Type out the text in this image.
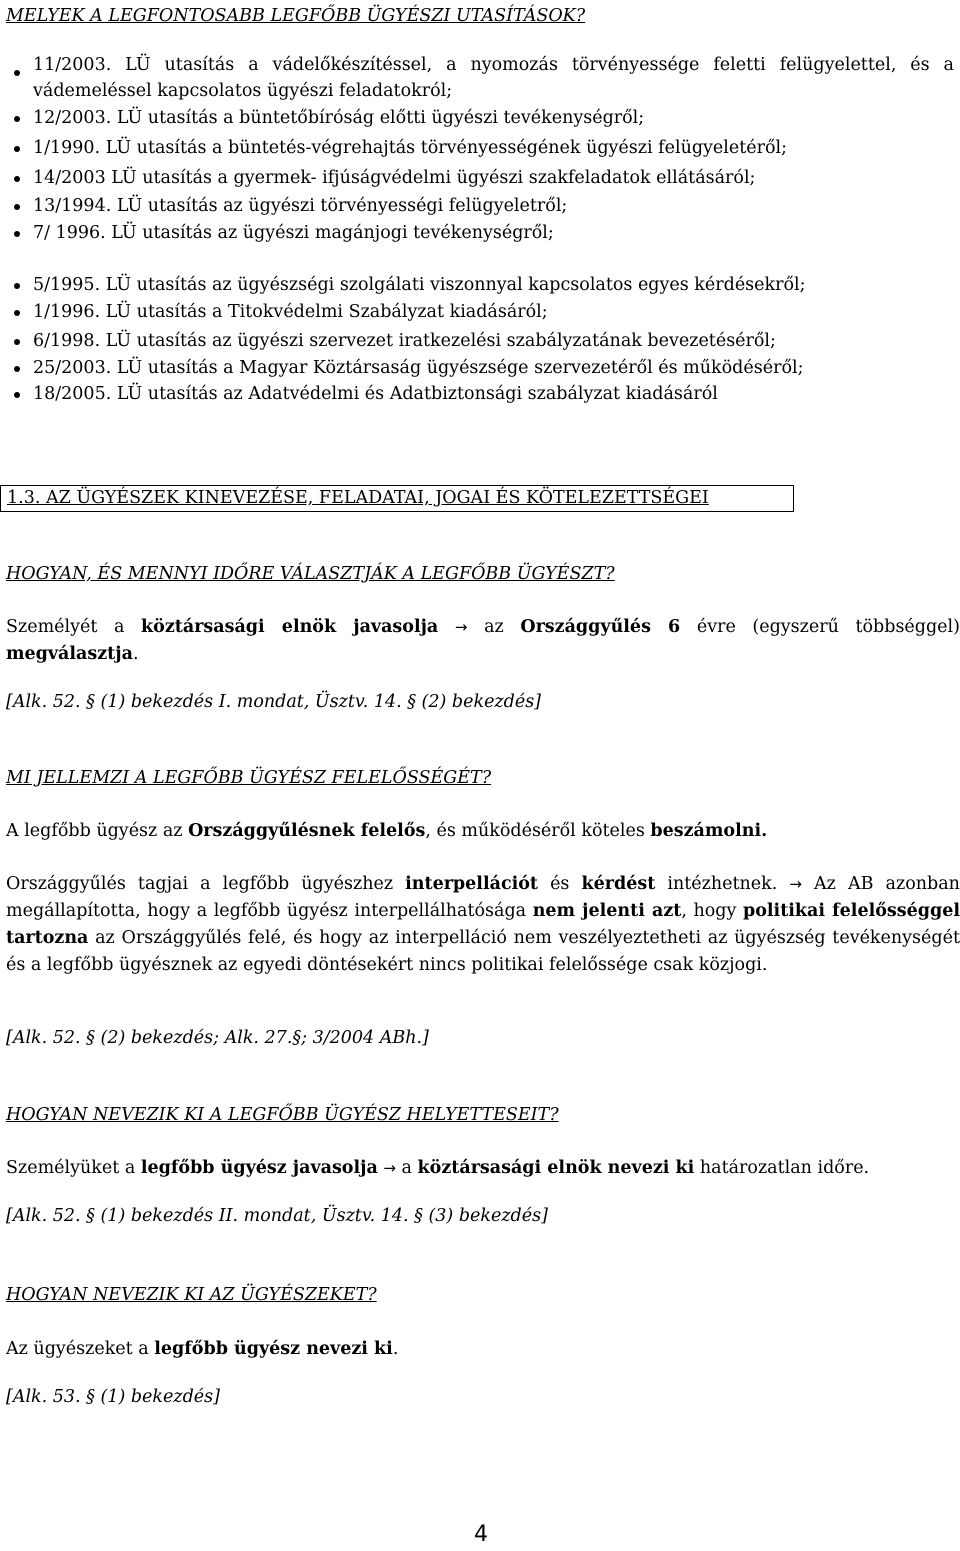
MELYEK A LEGFONTOSABB LEGFŐBB ÜGYÉSZI UTASÍTÁSOK?
11/2003. LÜ utasítás a vádelőkészítéssel, a nyomozás törvényessége feletti felügyelettel, és a vádemeléssel kapcsolatos ügyészi feladatokról;
12/2003. LÜ utasítás a büntetőbíróság előtti ügyészi tevékenységről;
1/1990. LÜ utasítás a büntetés-végrehajtás törvényességének ügyészi felügyeletéről;
14/2003 LÜ utasítás a gyermek- ifjúságvédelmi ügyészi szakfeladatok ellátásáról;
13/1994. LÜ utasítás az ügyészi törvényességi felügyeletről;
7/ 1996. LÜ utasítás az ügyészi magánjogi tevékenységről;
5/1995. LÜ utasítás az ügyészségi szolgálati viszonnyal kapcsolatos egyes kérdésekről;
1/1996. LÜ utasítás a Titokvédelmi Szabályzat kiadásáról;
6/1998. LÜ utasítás az ügyészi szervezet iratkezelési szabályzatának bevezetéséről;
25/2003. LÜ utasítás a Magyar Köztársaság ügyészsége szervezetéről és működéséről;
18/2005. LÜ utasítás az Adatvédelmi és Adatbiztonsági szabályzat kiadásáról
1.3. AZ ÜGYÉSZEK KINEVEZÉSE, FELADATAI, JOGAI ÉS KÖTELEZETTSÉGEI
HOGYAN, ÉS MENNYI IDŐRE VÁLASZTJÁK A LEGFŐBB ÜGYÉSZT?
Személyét a köztársasági elnök javasolja → az Országgyűlés 6 évre (egyszerű többséggel)
megválasztja.
[Alk. 52. § (1) bekezdés I. mondat, Üsztv. 14. § (2) bekezdés]
MI JELLEMZI A LEGFŐBB ÜGYÉSZ FELELŐSSÉGÉT?
A legfőbb ügyész az Országgyűlésnek felelős, és működéséről köteles beszámolni.
Országgyűlés tagjai a legfőbb ügyészhez interpellációt és kérdést intézhetnek. → Az AB azonban megállapította, hogy a legfőbb ügyész interpellálhatósága nem jelenti azt, hogy politikai felelősséggel tartozna az Országgyűlés felé, és hogy az interpelláció nem veszélyeztetheti az ügyészség tevékenységét és a legfőbb ügyésznek az egyedi döntésekért nincs politikai felelőssége csak közjogi.
[Alk. 52. § (2) bekezdés; Alk. 27.§; 3/2004 ABh.]
HOGYAN NEVEZIK KI A LEGFŐBB ÜGYÉSZ HELYETTESEIT?
Személyüket a legfőbb ügyész javasolja → a köztársasági elnök nevezi ki határozatlan időre.
[Alk. 52. § (1) bekezdés II. mondat, Üsztv. 14. § (3) bekezdés]
HOGYAN NEVEZIK KI AZ ÜGYÉSZEKET?
Az ügyészeket a legfőbb ügyész nevezi ki.
[Alk. 53. § (1) bekezdés]
4
